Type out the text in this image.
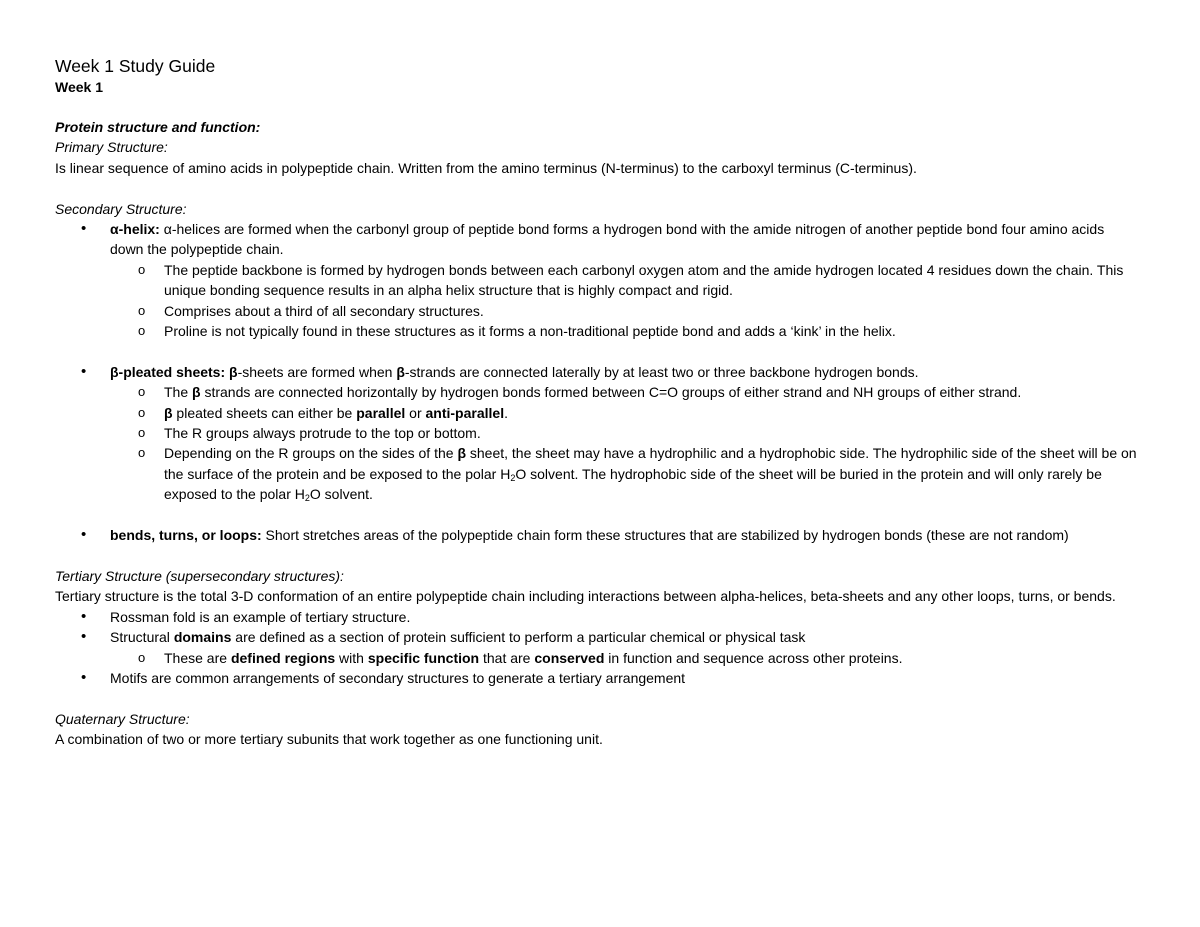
Week 1 Study Guide
Week 1

Protein structure and function:

Primary Structure:

Is linear sequence of amino acids in polypeptide chain. Written from the amino terminus (N-terminus) to the carboxyl terminus (C-terminus).

Secondary Structure:

• α-helix: α-helices are formed when the carbonyl group of peptide bond forms a hydrogen bond with the amide nitrogen of another peptide bond four amino acids down the polypeptide chain.
o The peptide backbone is formed by hydrogen bonds between each carbonyl oxygen atom and the amide hydrogen located 4 residues down the chain. This unique bonding sequence results in an alpha helix structure that is highly compact and rigid.
o Comprises about a third of all secondary structures.
o Proline is not typically found in these structures as it forms a non-traditional peptide bond and adds a ‘kink’ in the helix.
• β-pleated sheets: β-sheets are formed when β-strands are connected laterally by at least two or three backbone hydrogen bonds.
o The β strands are connected horizontally by hydrogen bonds formed between C=O groups of either strand and NH groups of either strand.
o β pleated sheets can either be parallel or anti-parallel.
o The R groups always protrude to the top or bottom.
o Depending on the R groups on the sides of the β sheet, the sheet may have a hydrophilic and a hydrophobic side. The hydrophilic side of the sheet will be on the surface of the protein and be exposed to the polar $H_2O$ solvent. The hydrophobic side of the sheet will be buried in the protein and will only rarely be exposed to the polar $H_2O$ solvent.
• bends, turns, or loops: Short stretches areas of the polypeptide chain form these structures that are stabilized by hydrogen bonds (these are not random)

Tertiary Structure (supersecondary structures):

Tertiary structure is the total 3-D conformation of an entire polypeptide chain including interactions between alpha-helices, beta-sheets and any other loops, turns, or bends.

• Rossman fold is an example of tertiary structure.
• Structural domains are defined as a section of protein sufficient to perform a particular chemical or physical task
o These are defined regions with specific function that are conserved in function and sequence across other proteins.
• Motifs are common arrangements of secondary structures to generate a tertiary arrangement

Quaternary Structure:

A combination of two or more tertiary subunits that work together as one functioning unit.
